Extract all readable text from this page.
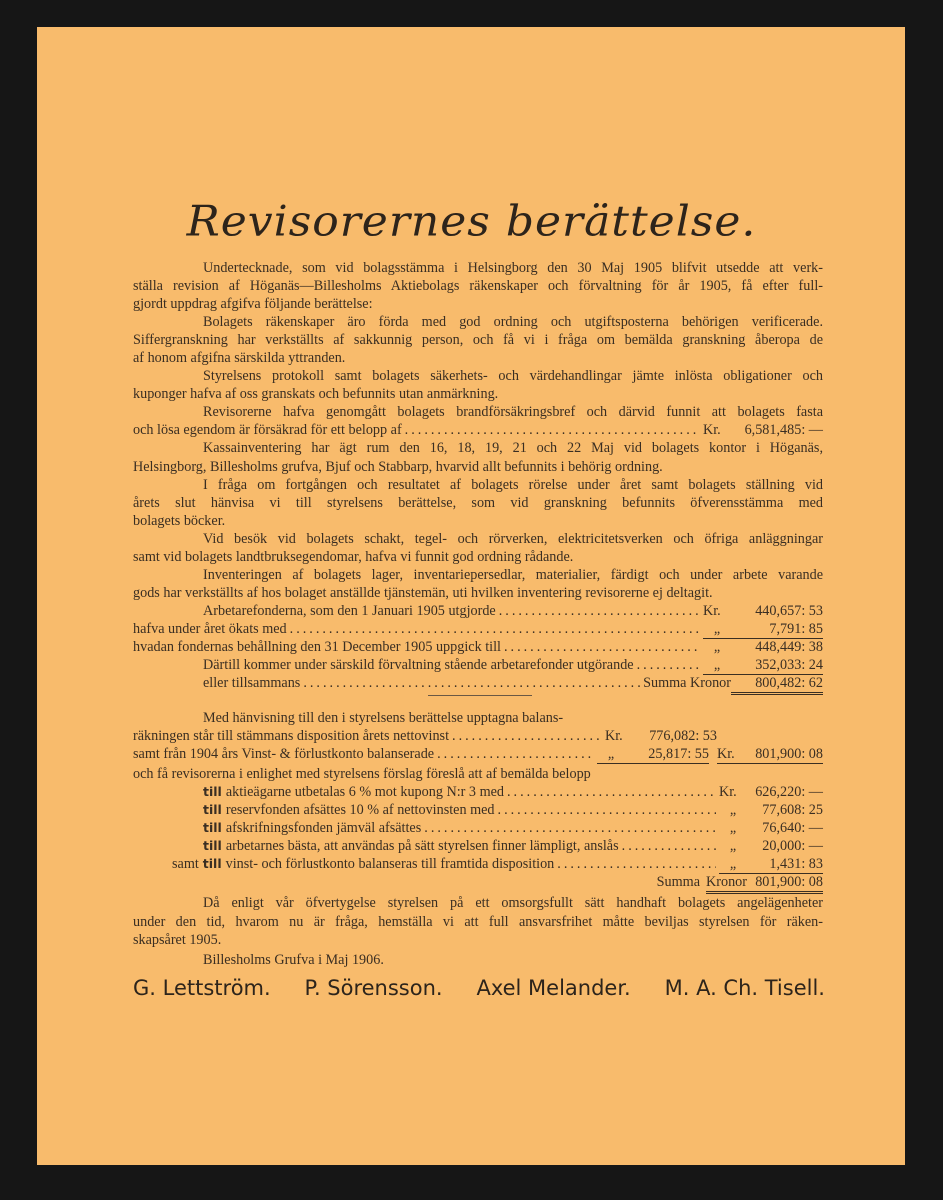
Revisorernes berättelse.
Undertecknade, som vid bolagsstämma i Helsingborg den 30 Maj 1905 blifvit utsedde att verk-
ställa revision af Höganäs—Billesholms Aktiebolags räkenskaper och förvaltning för år 1905, få efter full-
gjordt uppdrag afgifva följande berättelse:
Bolagets räkenskaper äro förda med god ordning och utgiftsposterna behörigen verificerade.
Siffergranskning har verkställts af sakkunnig person, och få vi i fråga om bemälda granskning åberopa de
af honom afgifna särskilda yttranden.
Styrelsens protokoll samt bolagets säkerhets- och värdehandlingar jämte inlösta obligationer och
kuponger hafva af oss granskats och befunnits utan anmärkning.
Revisorerne hafva genomgått bolagets brandförsäkringsbref och därvid funnit att bolagets fasta
och lösa egendom är försäkrad för ett belopp af .....	Kr.	6,581,485: —
Kassainventering har ägt rum den 16, 18, 19, 21 och 22 Maj vid bolagets kontor i Höganäs,
Helsingborg, Billesholms grufva, Bjuf och Stabbarp, hvarvid allt befunnits i behörig ordning.
I fråga om fortgången och resultatet af bolagets rörelse under året samt bolagets ställning vid
årets slut hänvisa vi till styrelsens berättelse, som vid granskning befunnits öfverensstämma med
bolagets böcker.
Vid besök vid bolagets schakt, tegel- och rörverken, elektricitetsverken och öfriga anläggningar
samt vid bolagets landtbruksegendomar, hafva vi funnit god ordning rådande.
Inventeringen af bolagets lager, inventariepersedlar, materialier, färdigt och under arbete varande
gods har verkställts af hos bolaget anställde tjänstemän, uti hvilken inventering revisorerne ej deltagit.
Arbetarefonderna, som den 1 Januari 1905 utgjorde .....	Kr.	440,657: 53
hafva under året ökats med .....	„	7,791: 85
hvadan fondernas behållning den 31 December 1905 uppgick till .....	„	448,449: 38
Därtill kommer under särskild förvaltning stående arbetarefonder utgörande .....	„	352,033: 24
eller tillsammans .....	Summa Kronor	800,482: 62
Med hänvisning till den i styrelsens berättelse upptagna balans-
räkningen står till stämmans disposition årets nettovinst .....	Kr.	776,082: 53
samt från 1904 års Vinst- & förlustkonto balanserade .....	„	25,817: 55 Kr.	801,900: 08
och få revisorerna i enlighet med styrelsens förslag föreslå att af bemälda belopp
till aktieägarne utbetalas 6 % mot kupong N:r 3 med .....	Kr.	626,220: —
till reservfonden afsättes 10 % af nettovinsten med .....	„	77,608: 25
till afskrifningsfonden jämväl afsättes .....	„	76,640: —
till arbetarnes bästa, att användas på sätt styrelsen finner lämpligt, anslås .....	„	20,000: —
samt till vinst- och förlustkonto balanseras till framtida disposition .....	„	1,431: 83
Summa Kronor 801,900: 08
Då enligt vår öfvertygelse styrelsen på ett omsorgsfullt sätt handhaft bolagets angelägenheter
under den tid, hvarom nu är fråga, hemställa vi att full ansvarsfrihet måtte beviljas styrelsen för räken-
skapsåret 1905.
Billesholms Grufva i Maj 1906.
G. Lettström. P. Sörensson. Axel Melander. M. A. Ch. Tisell.
